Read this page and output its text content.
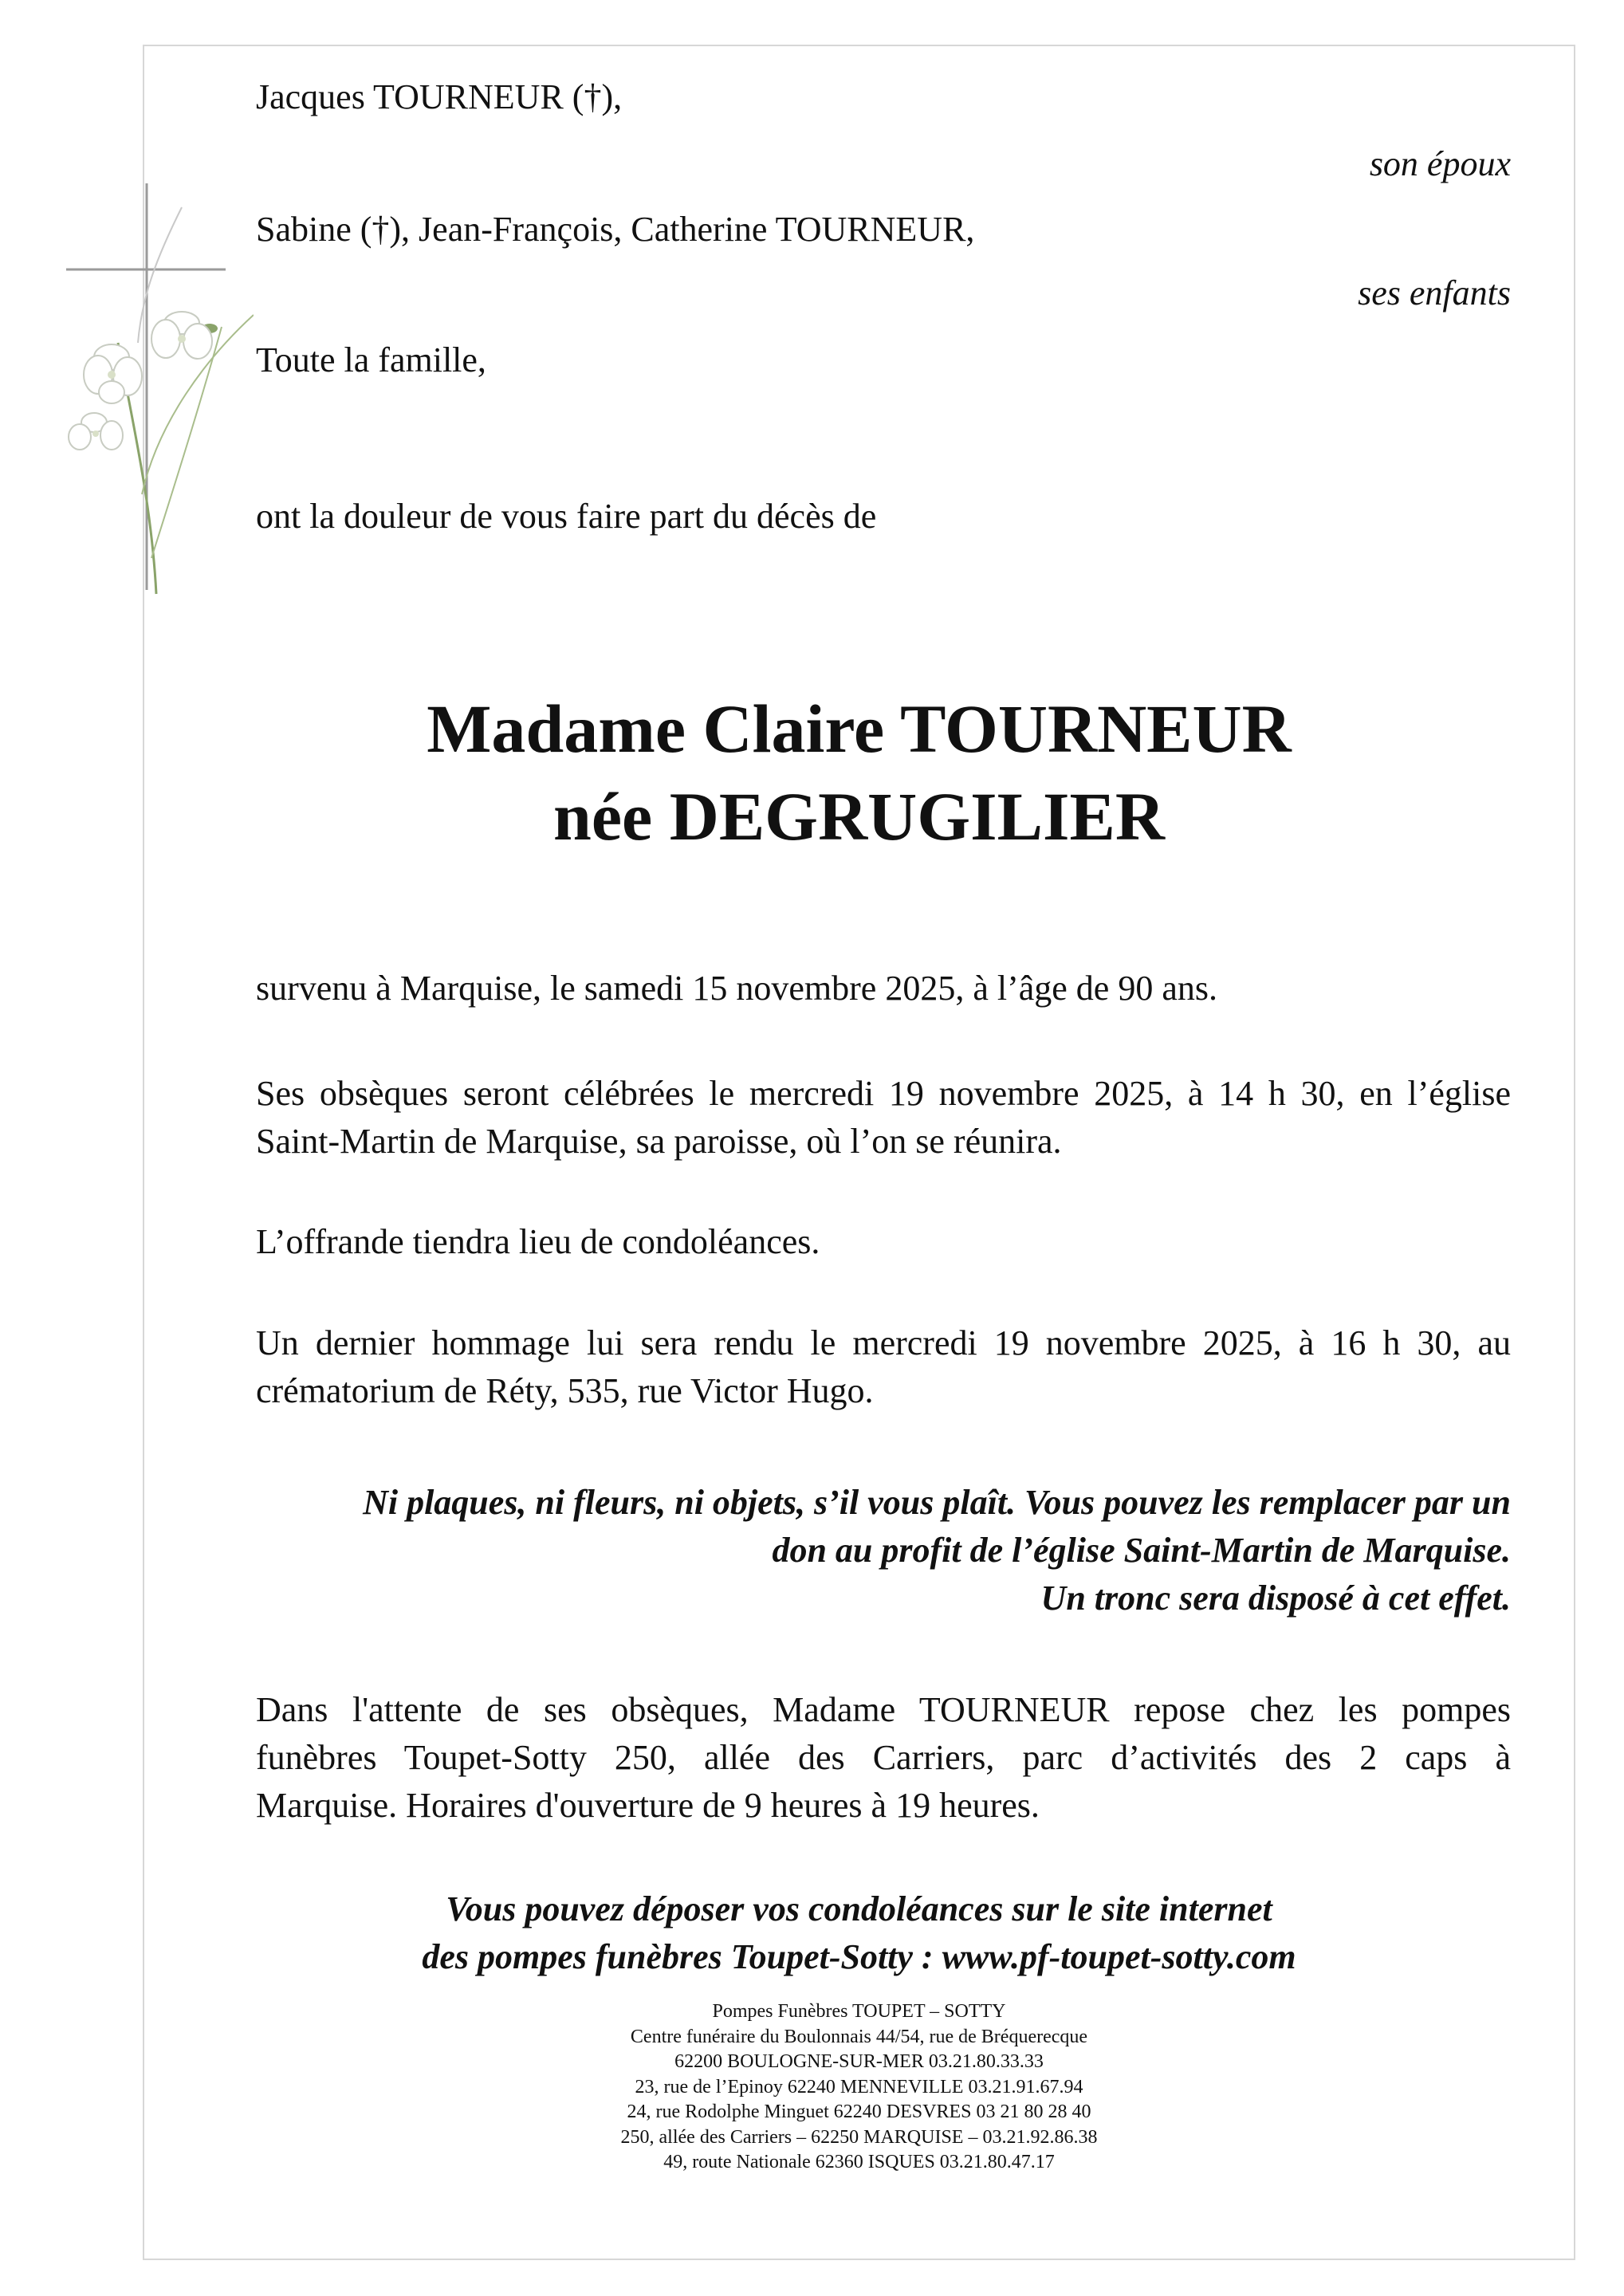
Jacques TOURNEUR (†),

son époux

Sabine (†), Jean-François, Catherine TOURNEUR,

ses enfants

Toute la famille,

ont la douleur de vous faire part du décès de

Madame Claire TOURNEUR

née DEGRUGILIER

survenu à Marquise, le samedi 15 novembre 2025, à l’âge de 90 ans.

Ses obsèques seront célébrées le mercredi 19 novembre 2025, à 14 h 30, en l’église

Saint-Martin de Marquise, sa paroisse, où l’on se réunira.

L’offrande tiendra lieu de condoléances.

Un dernier hommage lui sera rendu le mercredi 19 novembre 2025, à 16 h 30, au

crématorium de Réty, 535, rue Victor Hugo.

Ni plaques, ni fleurs, ni objets, s’il vous plaît. Vous pouvez les remplacer par un

don au profit de l’église Saint-Martin de Marquise.

Un tronc sera disposé à cet effet.

Dans l'attente de ses obsèques, Madame TOURNEUR repose chez les pompes

funèbres Toupet-Sotty 250, allée des Carriers, parc d’activités des 2 caps à

Marquise. Horaires d'ouverture de 9 heures à 19 heures.

Vous pouvez déposer vos condoléances sur le site internet

des pompes funèbres Toupet-Sotty : www.pf-toupet-sotty.com

Pompes Funèbres TOUPET – SOTTY
Centre funéraire du Boulonnais 44/54, rue de Bréquerecque
62200 BOULOGNE-SUR-MER 03.21.80.33.33
23, rue de l’Epinoy 62240 MENNEVILLE 03.21.91.67.94
24, rue Rodolphe Minguet 62240 DESVRES 03 21 80 28 40
250, allée des Carriers – 62250 MARQUISE – 03.21.92.86.38
49, route Nationale 62360 ISQUES 03.21.80.47.17
